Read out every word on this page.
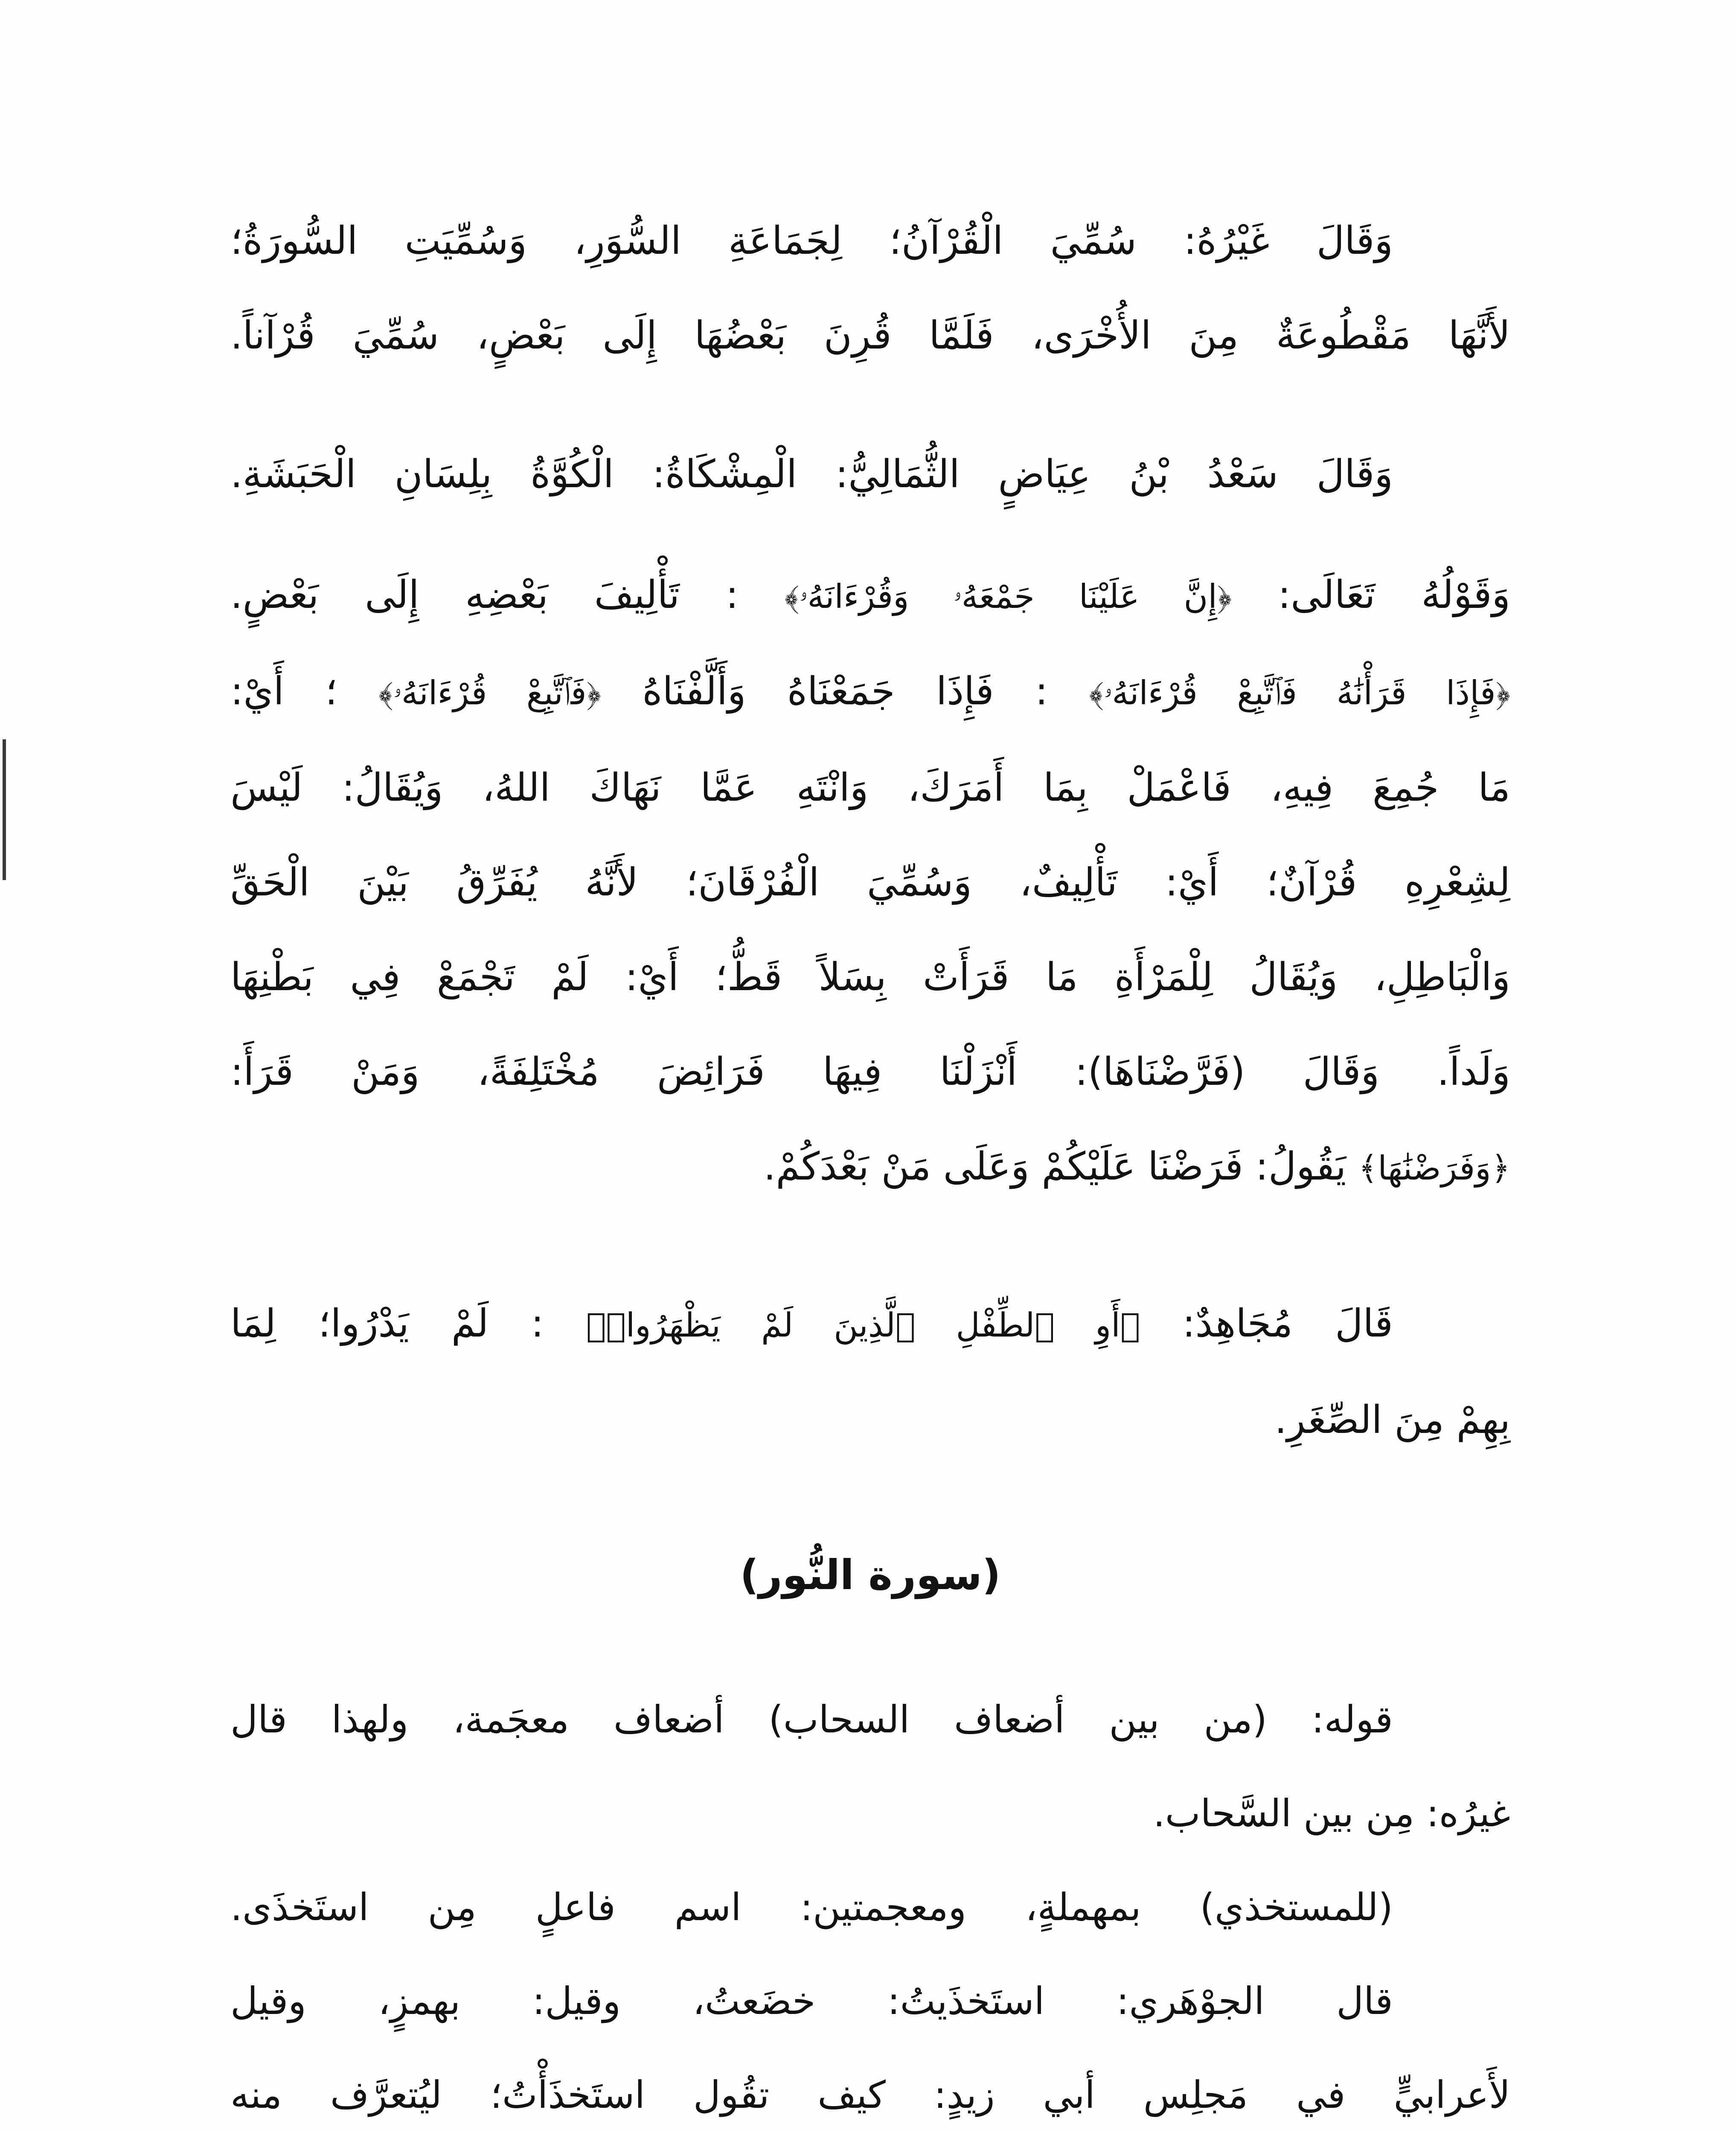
وَقَالَ غَيْرُهُ: سُمِّيَ الْقُرْآنُ؛ لِجَمَاعَةِ السُّوَرِ، وَسُمِّيَتِ السُّورَةُ؛
لأَنَّهَا مَقْطُوعَةٌ مِنَ الأُخْرَى، فَلَمَّا قُرِنَ بَعْضُهَا إِلَى بَعْضٍ، سُمِّيَ قُرْآناً.
وَقَالَ سَعْدُ بْنُ عِيَاضٍ الثُّمَالِيُّ: الْمِشْكَاةُ: الْكُوَّةُ بِلِسَانِ الْحَبَشَةِ.
وَقَوْلُهُ تَعَالَى: ﴿إِنَّ عَلَيْنَا جَمْعَهُۥ وَقُرْءَانَهُۥ﴾ : تَأْلِيفَ بَعْضِهِ إِلَى بَعْضٍ.
﴿فَإِذَا قَرَأْنَٰهُ فَٱتَّبِعْ قُرْءَانَهُۥ﴾ : فَإِذَا جَمَعْنَاهُ وَأَلَّفْنَاهُ ﴿فَٱتَّبِعْ قُرْءَانَهُۥ﴾ ؛ أَيْ:
مَا جُمِعَ فِيهِ، فَاعْمَلْ بِمَا أَمَرَكَ، وَانْتَهِ عَمَّا نَهَاكَ اللهُ، وَيُقَالُ: لَيْسَ
لِشِعْرِهِ قُرْآنٌ؛ أَيْ: تَأْلِيفٌ، وَسُمِّيَ الْفُرْقَانَ؛ لأَنَّهُ يُفَرِّقُ بَيْنَ الْحَقِّ
وَالْبَاطِلِ، وَيُقَالُ لِلْمَرْأَةِ مَا قَرَأَتْ بِسَلاً قَطُّ؛ أَيْ: لَمْ تَجْمَعْ فِي بَطْنِهَا
وَلَداً. وَقَالَ (فَرَّضْنَاهَا): أَنْزَلْنَا فِيهَا فَرَائِضَ مُخْتَلِفَةً، وَمَنْ قَرَأَ:
﴿وَفَرَضْنَٰهَا﴾ يَقُولُ: فَرَضْنَا عَلَيْكُمْ وَعَلَى مَنْ بَعْدَكُمْ.
قَالَ مُجَاهِدٌ: ﴿أَوِ ٱلطِّفْلِ ٱلَّذِينَ لَمْ يَظْهَرُوا۟﴾ : لَمْ يَدْرُوا؛ لِمَا
بِهِمْ مِنَ الصِّغَرِ.
(سورة النُّور)
قوله: (من بين أضعاف السحاب) أضعاف معجَمة، ولهذا قال
غيرُه: مِن بين السَّحاب.
(للمستخذي) بمهملةٍ، ومعجمتين: اسم فاعلٍ مِن استَخذَى.
قال الجوْهَري: استَخذَيتُ: خضَعتُ، وقيل: بهمزٍ، وقيل
لأَعرابيٍّ في مَجلِس أبي زيدٍ: كيف تقُول استَخذَأْتُ؛ ليُتعرَّف منه
